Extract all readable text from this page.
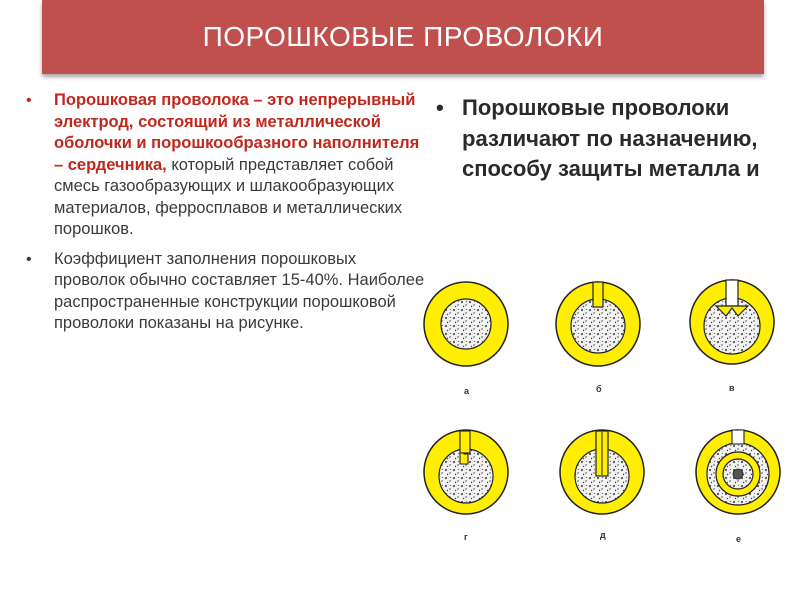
ПОРОШКОВЫЕ ПРОВОЛОКИ
• Порошковая проволока – это непрерывный электрод, состоящий из металлической оболочки и порошкообразного наполнителя – сердечника, который представляет собой смесь газообразующих и шлакообразующих материалов, ферросплавов и металлических порошков.
• Коэффициент заполнения порошковых проволок обычно составляет 15-40%. Наиболее распространенные конструкции порошковой проволоки показаны на рисунке.
• Порошковые проволоки различают по назначению, способу защиты металла и
а	б	в
г	д	е
